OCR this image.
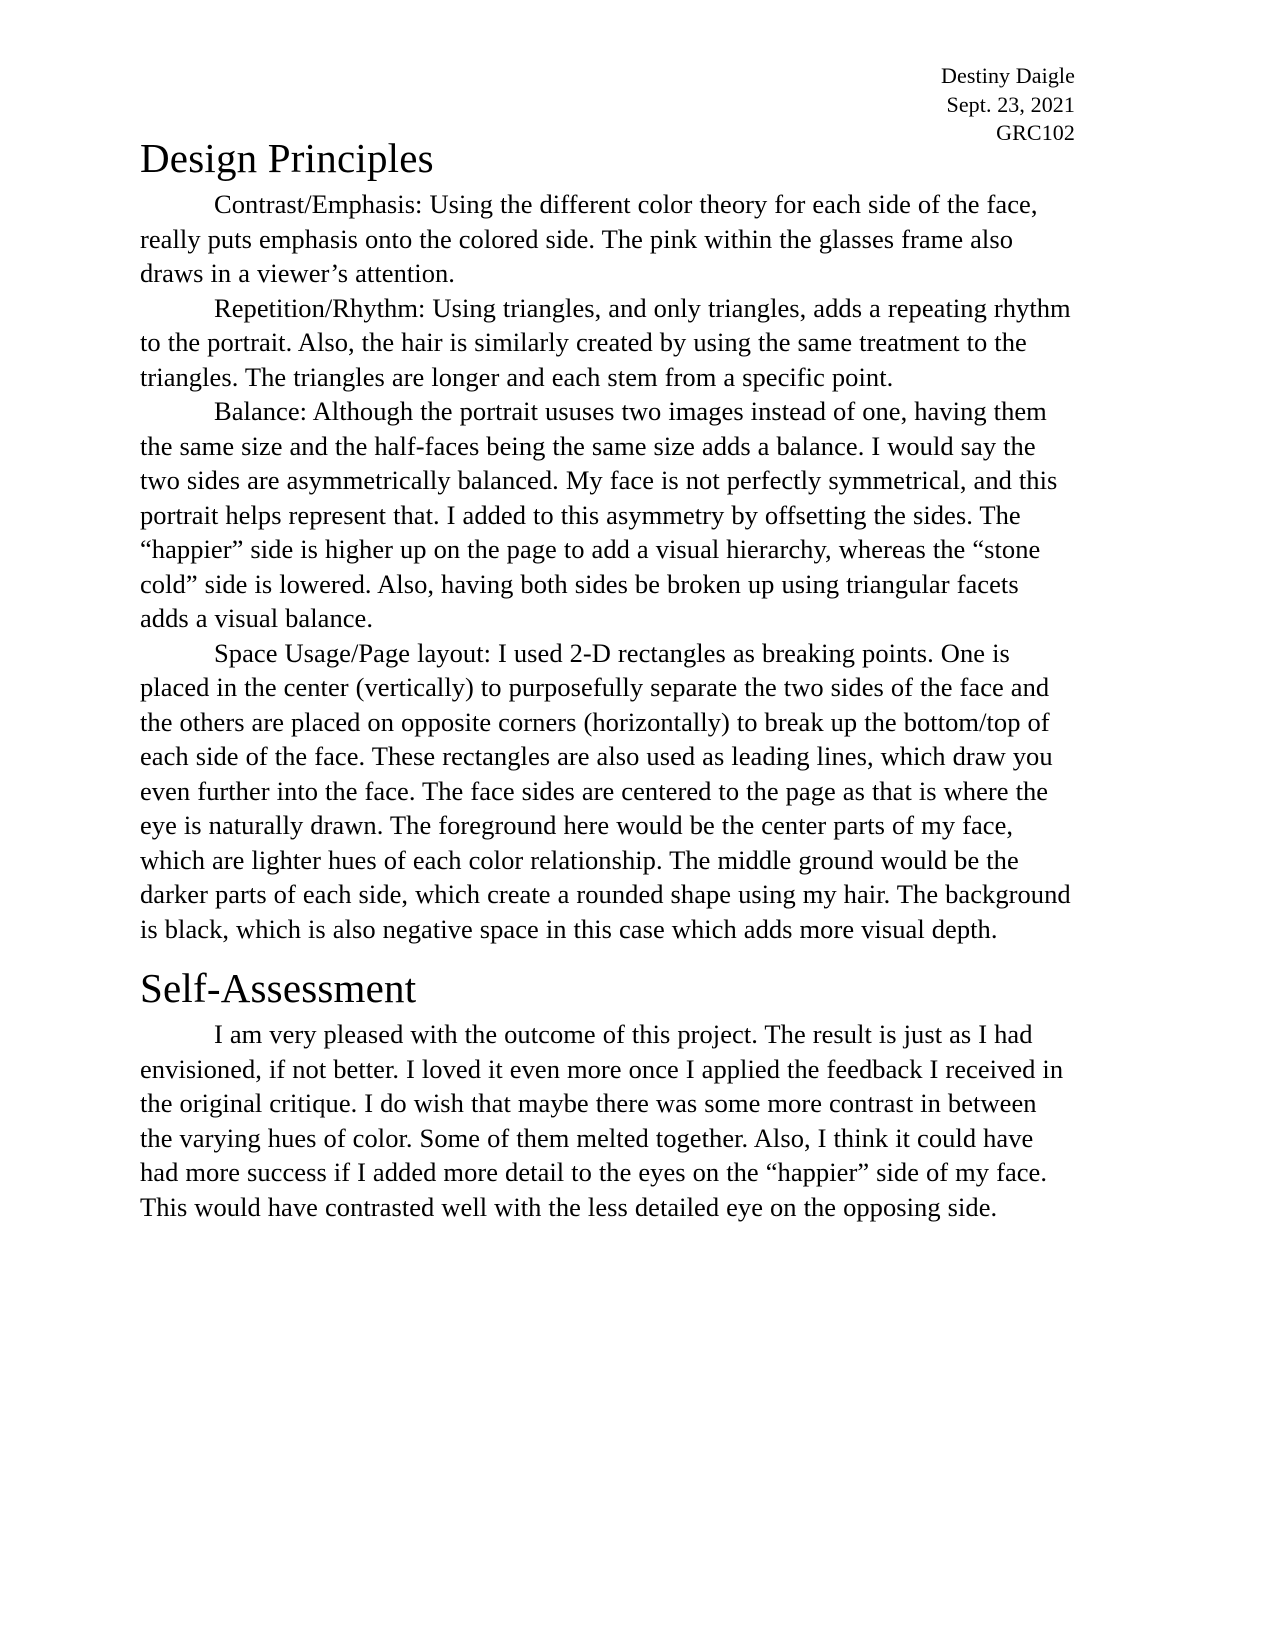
Destiny Daigle
Sept. 23, 2021
GRC102
Design Principles

Contrast/Emphasis: Using the different color theory for each side of the face, really puts emphasis onto the colored side. The pink within the glasses frame also draws in a viewer’s attention.

Repetition/Rhythm: Using triangles, and only triangles, adds a repeating rhythm to the portrait. Also, the hair is similarly created by using the same treatment to the triangles. The triangles are longer and each stem from a specific point.

Balance: Although the portrait ususes two images instead of one, having them the same size and the half-faces being the same size adds a balance. I would say the two sides are asymmetrically balanced. My face is not perfectly symmetrical, and this portrait helps represent that. I added to this asymmetry by offsetting the sides. The “happier” side is higher up on the page to add a visual hierarchy, whereas the “stone cold” side is lowered. Also, having both sides be broken up using triangular facets adds a visual balance.

Space Usage/Page layout: I used 2-D rectangles as breaking points. One is placed in the center (vertically) to purposefully separate the two sides of the face and the others are placed on opposite corners (horizontally) to break up the bottom/top of each side of the face. These rectangles are also used as leading lines, which draw you even further into the face. The face sides are centered to the page as that is where the eye is naturally drawn. The foreground here would be the center parts of my face, which are lighter hues of each color relationship. The middle ground would be the darker parts of each side, which create a rounded shape using my hair. The background is black, which is also negative space in this case which adds more visual depth.

Self-Assessment

I am very pleased with the outcome of this project. The result is just as I had envisioned, if not better. I loved it even more once I applied the feedback I received in the original critique. I do wish that maybe there was some more contrast in between the varying hues of color. Some of them melted together. Also, I think it could have had more success if I added more detail to the eyes on the “happier” side of my face. This would have contrasted well with the less detailed eye on the opposing side.
